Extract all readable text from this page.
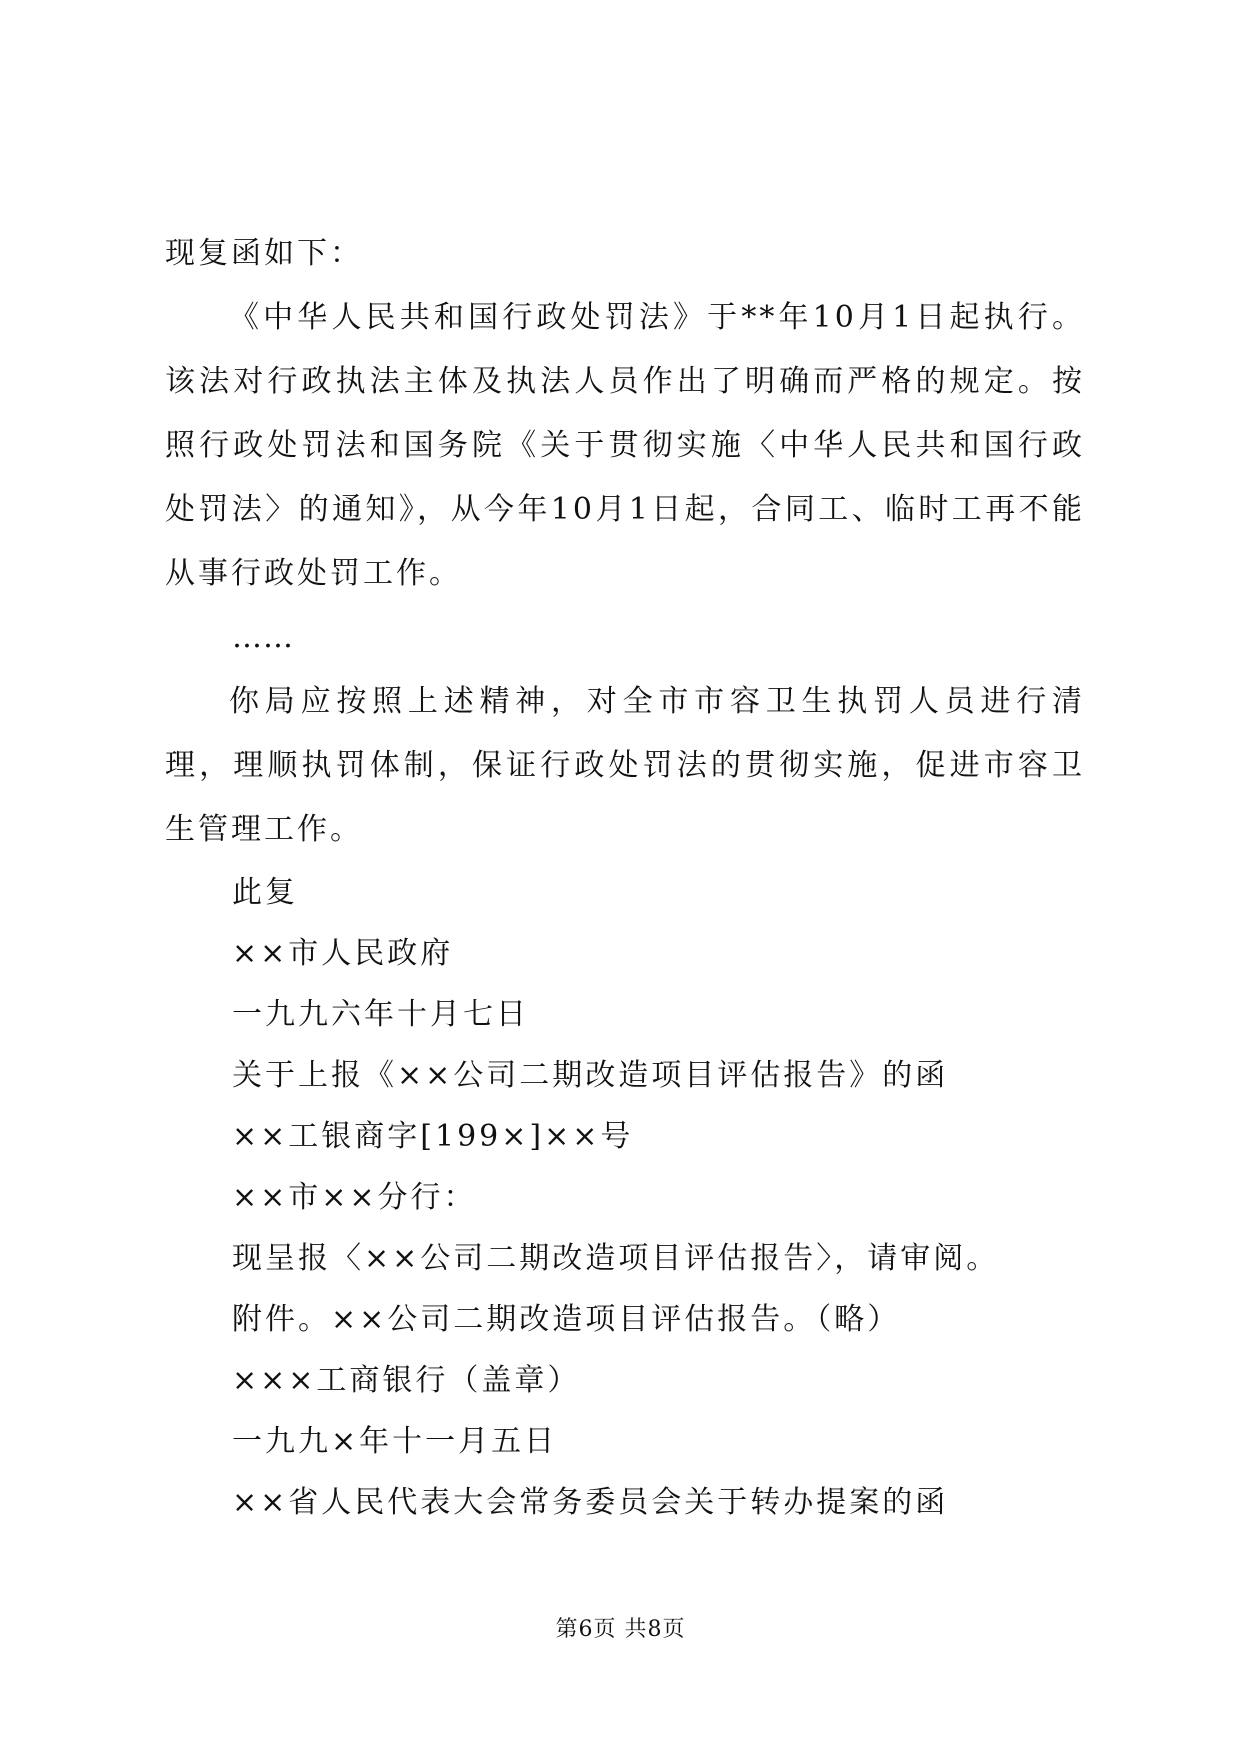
现复函如下：

《中华人民共和国行政处罚法》于**年10月1日起执行。该法对行政执法主体及执法人员作出了明确而严格的规定。按照行政处罚法和国务院《关于贯彻实施〈中华人民共和国行政处罚法〉的通知》，从今年10月1日起，合同工、临时工再不能从事行政处罚工作。

……

你局应按照上述精神，对全市市容卫生执罚人员进行清理，理顺执罚体制，保证行政处罚法的贯彻实施，促进市容卫生管理工作。

此复
××市人民政府
一九九六年十月七日
关于上报《××公司二期改造项目评估报告》的函
××工银商字[199×]××号
××市××分行：
现呈报〈××公司二期改造项目评估报告〉，请审阅。
附件。××公司二期改造项目评估报告。（略）
×××工商银行（盖章）
一九九×年十一月五日
××省人民代表大会常务委员会关于转办提案的函
第6页 共8页
